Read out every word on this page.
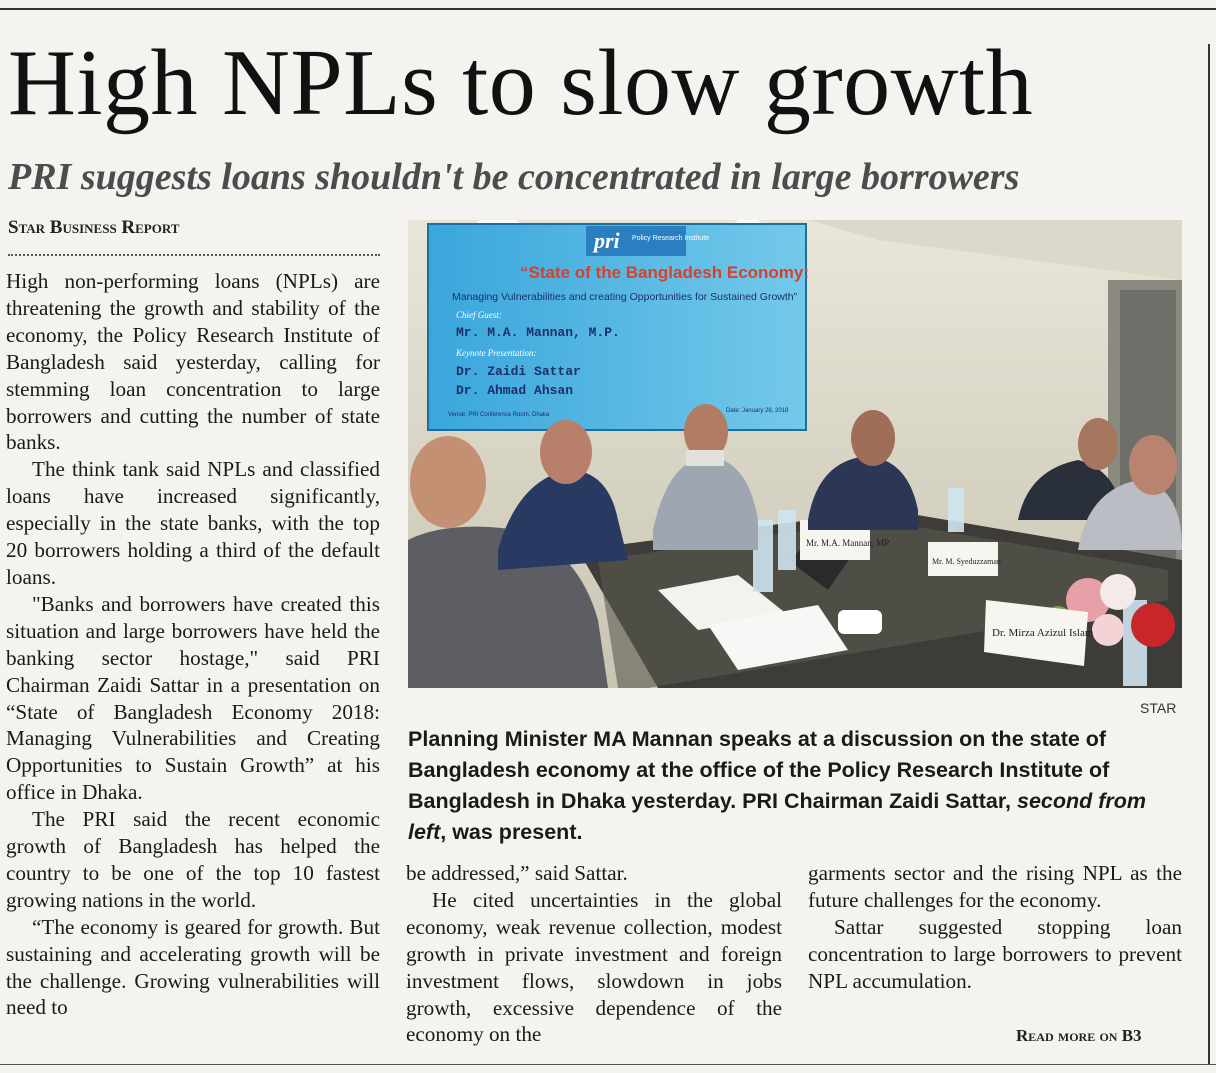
High NPLs to slow growth
PRI suggests loans shouldn't be concentrated in large borrowers
Star Business Report

High non-performing loans (NPLs) are threatening the growth and stability of the economy, the Policy Research Institute of Bangladesh said yesterday, calling for stemming loan concentration to large borrowers and cutting the number of state banks.

The think tank said NPLs and classified loans have increased significantly, especially in the state banks, with the top 20 borrowers holding a third of the default loans.

"Banks and borrowers have created this situation and large borrowers have held the banking sector hostage," said PRI Chairman Zaidi Sattar in a presentation on “State of Bangladesh Economy 2018: Managing Vulnerabilities and Creating Opportunities to Sustain Growth” at his office in Dhaka.

The PRI said the recent economic growth of Bangladesh has helped the country to be one of the top 10 fastest growing nations in the world.

“The economy is geared for growth. But sustaining and accelerating growth will be the challenge. Growing vulnerabilities will need to

pri Policy Research Institute
“State of the Bangladesh Economy:
Managing Vulnerabilities and creating Opportunities for Sustained Growth”
Chief Guest:
Mr. M.A. Mannan, M.P.
Keynote Presentation:
Dr. Zaidi Sattar
Dr. Ahmad Ahsan
Venue: PRI Conference Room, Dhaka
Date: January 28, 2018
Mr. M.A. Mannan, MP
Mr. M. Syeduzzaman
Dr. Mirza Azizul Islam
STAR

Planning Minister MA Mannan speaks at a discussion on the state of Bangladesh economy at the office of the Policy Research Institute of Bangladesh in Dhaka yesterday. PRI Chairman Zaidi Sattar, second from left, was present.

be addressed,” said Sattar.

He cited uncertainties in the global economy, weak revenue collection, modest growth in private investment and foreign investment flows, slowdown in jobs growth, excessive dependence of the economy on the

garments sector and the rising NPL as the future challenges for the economy.

Sattar suggested stopping loan concentration to large borrowers to prevent NPL accumulation.

Read more on B3
